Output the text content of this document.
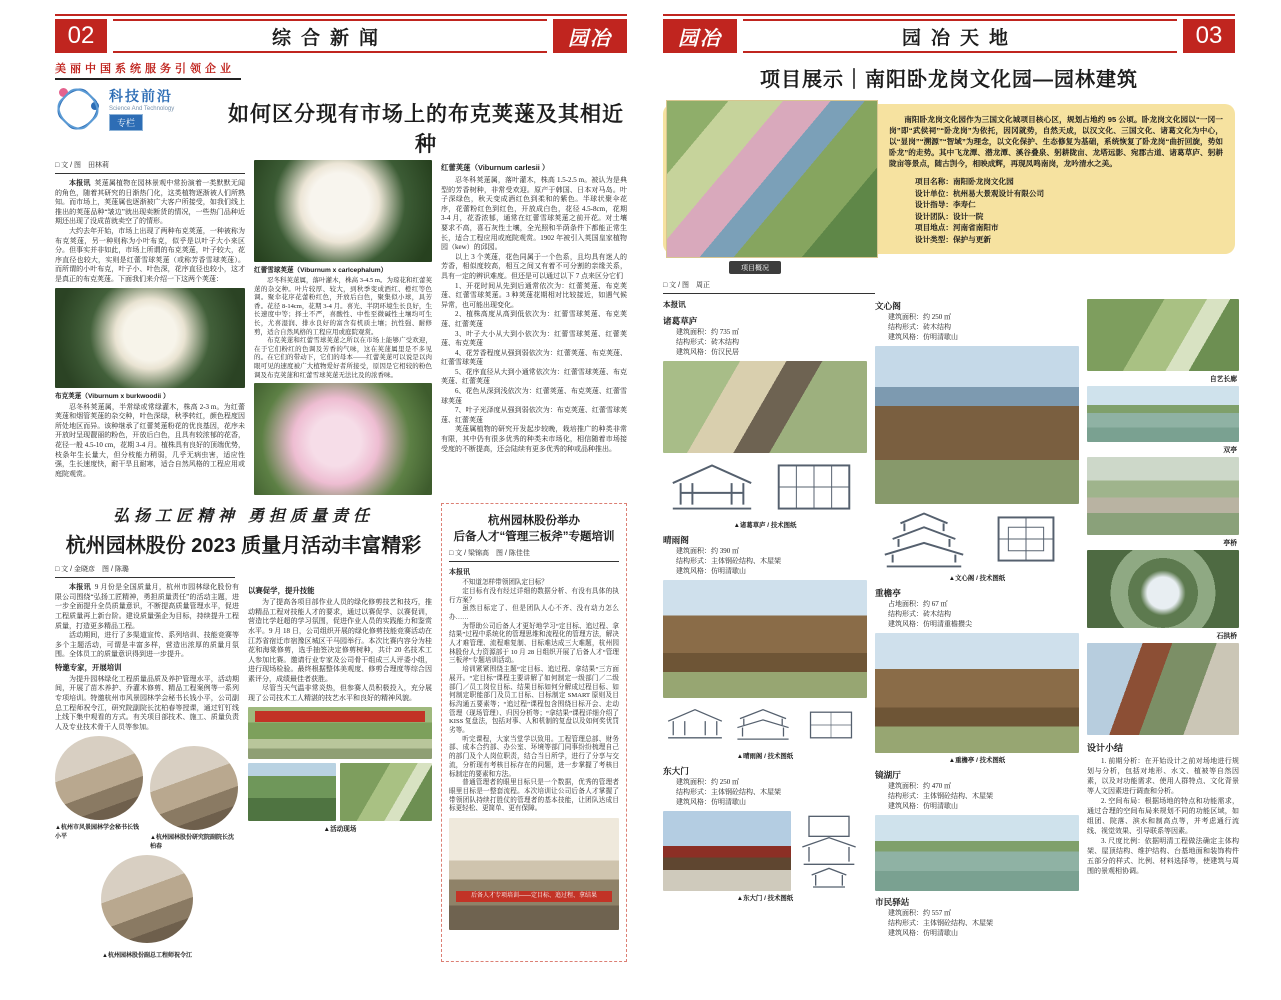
02	综合新闻	园冶
美丽中国系统服务引领企业
科技前沿
Science And Technology
专栏	如何区分现有市场上的布克荚蒾及其相近种
□ 文 / 图　田林莉

本报讯 荚蒾属植物在园林景观中常扮演着一类默默无闻的角色，随着其研究的日渐热门化，这类植物逐渐被人们所熟知。而市场上，荚蒾属也逐渐被广大客户所接受，如我们线上推出的荚蒾品种“皱边”就出现卖断货的情况，一些热门品种近期还出现了没成苗就卖空了的情形。

大约去年开始，市场上出现了两种布克荚蒾，一种被称为布克荚蒾，另一种则称为小叶布克，似乎是以叶子大小来区分。但事实并非如此，市场上所谓的布克荚蒾，叶子较大，花序直径也较大，实则是红蕾雪球荚蒾（或称芳香雪球荚蒾）。而所谓的小叶布克，叶子小、叶色深，花序直径也较小，这才是真正的布克荚蒾。下面我们来介绍一下这两个荚蒾：

布克荚蒾（Viburnum x burkwoodii ）

忍冬科荚蒾属，半常绿或常绿灌木，株高 2-3 m。为红蕾荚蒾和烟管荚蒾的杂交种，叶色深绿，秋季转红，颜色程度因所处地区而异。该种继承了红蕾荚蒾粉花的优良基因，花序未开放时呈现靓丽的粉色，开放后白色，且具有较浓郁的花香，花径一般 4.5-10 cm，花期 3-4 月。植株具有良好的顶端优势，枝条年生长量大，但分枝能力稍弱，几乎无病虫害，适应性强，生长速度快，耐干旱且耐寒，适合自然风格的工程应用或庭院观赏。

红蕾雪球荚蒾（Viburnum x carlcephalum）

忍冬科荚蒾属，落叶灌木，株高 3-4.5 m。为琼花和红蕾荚蒾的杂交种。叶片较厚、较大，到秋季变成酒红、橙红等色调。聚伞花序花蕾粉红色，开放后白色，聚集似小球，具芳香。花径 8-14cm，花期 3-4 月。喜光、半阴环境生长良好，生长速度中等；择土不严，喜酸性、中性至微碱性土壤均可生长，尤喜湿润、排水良好的富含有机质土壤；抗性强、耐修剪，适合自然风格的工程应用或庭院观赏。

布克荚蒾和红蕾雪球荚蒾之所以在市场上能够广受欢迎，在于它们粉红的色调及芳香的气味，这在荚蒾属里是不多见的。在它们的带动下，它们的母本——红蕾荚蒾可以说是以肉眼可见的速度被广大植物爱好者所接受，原因是它相较的粉色调及布克荚蒾和红蕾雪球荚蒾无法比及的浓香味。

红蕾荚蒾（Viburnum carlesii ）

忍冬科荚蒾属，落叶灌木，株高 1.5-2.5 m。被认为是典型的芳香树种，非常受欢迎。原产于韩国、日本对马岛。叶子深绿色，秋天变成酒红色到柔和的紫色。半球状聚伞花序，花蕾粉红色到红色，开放成白色，花径 4.5-8cm，花期 3-4 月，花香浓郁，通常在红蕾雪球荚蒾之前开花。对土壤要求不高，喜石灰性土壤，全光照和半荫条件下都能正常生长，适合工程应用或庭院观赏。1902 年被引入英国皇家植物园（kew）的邱园。

以上 3 个荚蒾，花色同属于一个色系，且均具有迷人的芳香，相似度较高，相互之间又有着不可分割的亲缘关系，具有一定的辨识难度。但还是可以通过以下 7 点来区分它们

1、开花时间从先到后通常依次为：红蕾荚蒾、布克荚蒾、红蕾雪球荚蒾。3 种荚蒾花期相对比较接近，如遇气候异常，也可能出现变化。

2、植株高度从高到低依次为：红蕾雪球荚蒾、布克荚蒾、红蕾荚蒾

3、叶子大小从大到小依次为：红蕾雪球荚蒾、红蕾荚蒾、布克荚蒾

4、花芳香程度从强到弱依次为：红蕾荚蒾、布克荚蒾、红蕾雪球荚蒾

5、花序直径从大到小通常依次为：红蕾雪球荚蒾、布克荚蒾、红蕾荚蒾

6、花色从深到浅依次为：红蕾荚蒾、布克荚蒾、红蕾雪球荚蒾

7、叶子光泽度从强到弱依次为：布克荚蒾、红蕾雪球荚蒾、红蕾荚蒾

荚蒾属植物的研究开发起步较晚，栽培推广的种类非常有限，其中仍有很多优秀的种类未市场化，相信随着市场接受度的不断提高，还会陆续有更多优秀的种或品种推出。

弘扬工匠精神 勇担质量责任
杭州园林股份 2023 质量月活动丰富精彩
□ 文 / 金晓彦　图 / 陈璐

本报讯 9 月份是全国质量月，杭州市园林绿化股份有限公司围绕“弘扬工匠精神，勇担质量责任”的活动主题，进一步全面提升全员质量意识，不断提高质量管理水平，促进工程质量再上新台阶。建设质量强企为目标，持续提升工程质量，打造更多精品工程。

活动期间，进行了多渠道宣传、系列培训、技能竞赛等多个主题活动，可谓是丰富多样，营造出浓厚的质量月氛围。全体员工的质量意识得到进一步提升。

特邀专家，开展培训

为提升园林绿化工程质量品质及养护管理水平，活动期间，开展了苗木养护、乔灌木修剪、精品工程案例等一系列专项培训。特邀杭州市风景园林学会秘书长钱小平，公司副总工程师祝令江，研究院副院长沈柏春等授课，通过钉钉线上线下集中观看的方式。有关项目部技术、施工、质量负责人及专业技术骨干人员等参加。

▲杭州市风景园林学会秘书长钱小平	▲杭州园林股份研究院副院长沈柏春
▲杭州园林股份副总工程师祝令江
以赛促学，提升技能

为了提高各项目部作业人员的绿化修剪技艺和技巧，推动精品工程对技能人才的要求，通过以赛促学、以赛促训，营造比学赶超的学习氛围，促进作业人员的实践能力和鉴赏水平。9 月 18 日，公司组织开展的绿化修剪技能竞赛活动在江苏省宿迁市宿豫区城区干马园举行。本次比赛内容分为桂花和海棠修剪，选手抽签决定修剪树种，共计 20 名技术工人参加比赛。邀请行业专家及公司骨干组成三人评委小组，进行现场检验。最终根据整体美观度、修剪合理度等综合因素评分，成绩最佳者获胜。

尽管当天气温非常炎热，但参赛人员积极投入，充分展现了公司技术工人精湛的技艺水平和良好的精神风貌。

▲活动现场
杭州园林股份举办
后备人才“管理三板斧”专题培训
□ 文 / 梁锦高　图 / 陈佳佳
本报讯

不知道怎样带领团队定目标？

定目标有没有经过详细的数据分析、有没有具体的执行方案？

虽然目标定了、但是团队人心不齐、没有动力怎么办……

为帮助公司后备人才更好地学习“定目标、追过程、拿结果”过程中系统化的管理思维和流程化的管理方法，解决人才难管理、流程难复制、目标难达成三大难题，杭州园林股份人力资源部于 10 月 28 日组织开展了后备人才“管理三板斧”专题培训活动。

培训紧紧围绕主题“定目标、追过程、拿结果”三方面展开。“定目标”课程主要讲解了如何制定一级部门／二级部门／员工岗位目标、结果目标如何分解成过程目标、如何制定职能部门及员工目标、目标制定 SMART 原则及目标沟通五要素等；“追过程”课程包含围绕目标开会、走动管理（现场管理）、归因分析等；“拿结果”课程详细介绍了 KISS 复盘法，包括对事、人和机制的复盘以及如何奖优罚劣等。

听完课程，大家当堂学以致用。工程管理总部、财务部、成本合约部、办公室、环境等部门同事纷纷梳理自己的部门及个人岗位职责，结合当日所学，进行了分享与交流，分析现有考核目标存在的问题，进一步掌握了考核目标制定的要素和方法。

普通管理者的眼里目标只是一个数据，优秀的管理者眼里目标是一整套流程。本次培训让公司后备人才掌握了带领团队持续打胜仗的管理者的基本技能，让团队达成目标更轻松、更简单、更有保障。

后备人才专项培训——定目标、追过程、拿结果
园冶	园冶天地	03
项目展示｜南阳卧龙岗文化园—园林建筑

南阳卧龙岗文化园作为三国文化城项目核心区，规划占地约 95 公顷。卧龙岗文化园以“一冈一岗”即“武侯祠”“卧龙岗”为依托，因冈就势，自然天成，以汉文化、三国文化、诸葛文化为中心，以“显岗”“溯源”“智域”为理念，以文化保护、生态修复为基础，系统恢复了卧龙岗“曲折回旋，势如卧龙”的走势。其中飞龙潭、潜龙潭、溪谷叠泉、躬耕陇亩、龙塔远影、宛郡古道、诸葛草庐、躬耕陇亩等景点，随古剀今，相映成辉，再现凤鸣南岗，龙吟清水之美。

项目名称：南阳卧龙岗文化园
设计单位：杭州易大景观设计有限公司
设计指导：李寿仁
设计团队：设计一院
项目地点：河南省南阳市
设计类型：保护与更新
项目概况
□ 文 / 图　周正
本报讯
诸葛草庐
建筑面积：约 735 ㎡
结构形式：砖木结构
建筑风格：仿汉民居
▲诸葛草庐 / 技术图纸
晴雨阁
建筑面积：约 390 ㎡
结构形式：主体钢砼结构、木屋架
建筑风格：仿明清歇山
▲晴雨阁 / 技术图纸
东大门
建筑面积：约 250 ㎡
结构形式：主体钢砼结构、木屋架
建筑风格：仿明清歇山
▲东大门 / 技术图纸
文心阁
建筑面积：约 250 ㎡
结构形式：砖木结构
建筑风格：仿明清歇山
▲文心阁 / 技术图纸
重檐亭
占地面积：约 67 ㎡
结构形式：砖木结构
建筑风格：仿明清重檐攒尖
▲重檐亭 / 技术图纸
镜湖厅
建筑面积：约 470 ㎡
结构形式：主体钢砼结构、木屋架
建筑风格：仿明清歇山
市民驿站
建筑面积：约 557 ㎡
结构形式：主体钢砼结构、木屋架
建筑风格：仿明清歇山
自艺长廊
双亭
亭桥
石拱桥
设计小结

1. 前期分析：在开始设计之前对场地进行规划与分析，包括对地形、水文、植被等自然因素，以及对功能需求、使用人群特点、文化背景等人文因素进行调查和分析。

2. 空间布局：根据场地的特点和功能需求，通过合理的空间布局来规划不同的功能区域，如组团、院落、滨水和制高点等，并考虑通行流线、视觉效果、引导联系等因素。

3. 尺度比例：依据明清工程做法确定主体构架、屋顶结构、维护结构、台基地面和装饰构件五部分的样式、比例、材料选择等，使建筑与周围的景观相协调。
